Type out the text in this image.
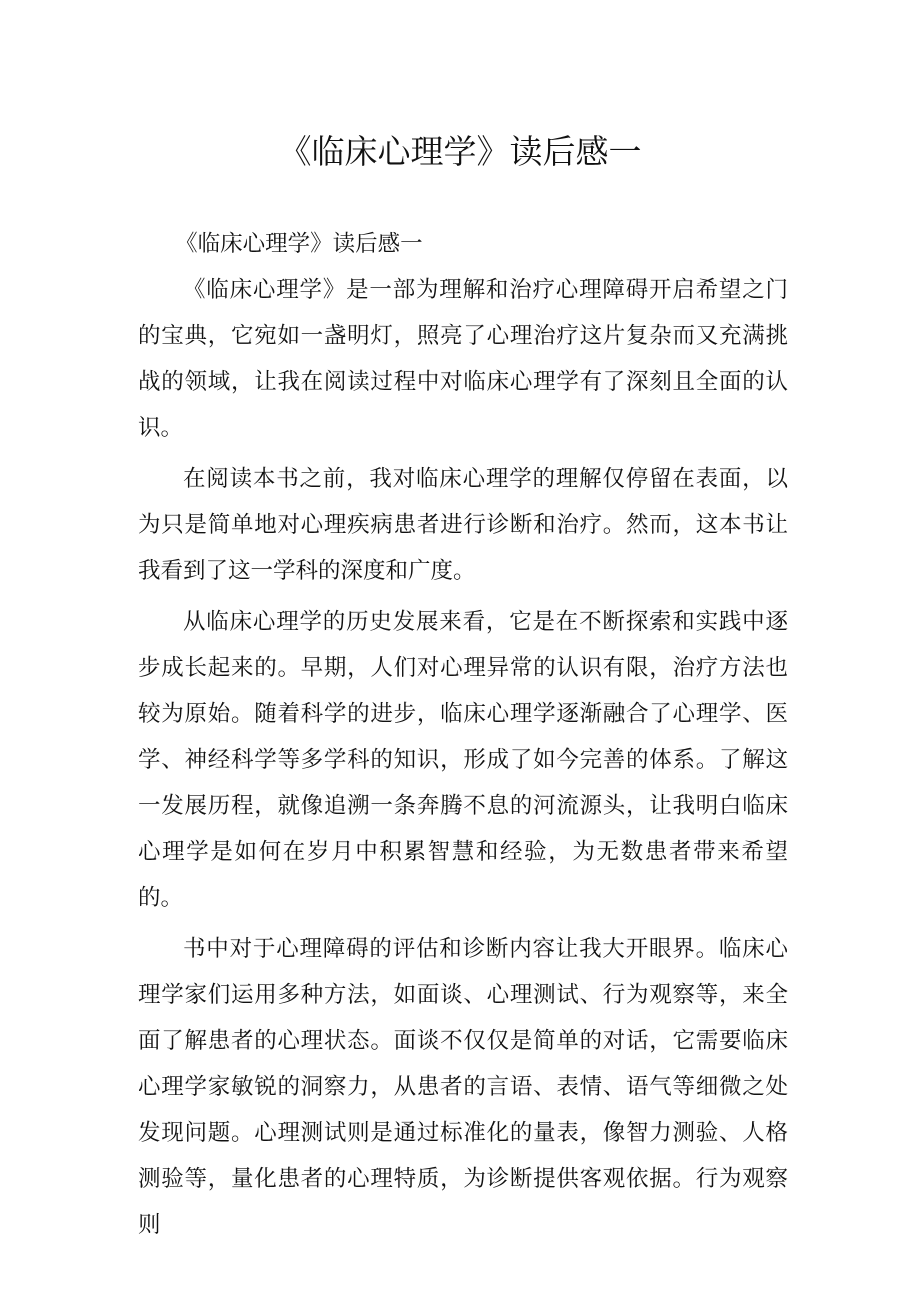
《临床心理学》读后感一

《临床心理学》读后感一

《临床心理学》是一部为理解和治疗心理障碍开启希望之门的宝典，它宛如一盏明灯，照亮了心理治疗这片复杂而又充满挑战的领域，让我在阅读过程中对临床心理学有了深刻且全面的认识。

在阅读本书之前，我对临床心理学的理解仅停留在表面，以为只是简单地对心理疾病患者进行诊断和治疗。然而，这本书让我看到了这一学科的深度和广度。

从临床心理学的历史发展来看，它是在不断探索和实践中逐步成长起来的。早期，人们对心理异常的认识有限，治疗方法也较为原始。随着科学的进步，临床心理学逐渐融合了心理学、医学、神经科学等多学科的知识，形成了如今完善的体系。了解这一发展历程，就像追溯一条奔腾不息的河流源头，让我明白临床心理学是如何在岁月中积累智慧和经验，为无数患者带来希望的。

书中对于心理障碍的评估和诊断内容让我大开眼界。临床心理学家们运用多种方法，如面谈、心理测试、行为观察等，来全面了解患者的心理状态。面谈不仅仅是简单的对话，它需要临床心理学家敏锐的洞察力，从患者的言语、表情、语气等细微之处发现问题。心理测试则是通过标准化的量表，像智力测验、人格测验等，量化患者的心理特质，为诊断提供客观依据。行为观察则
